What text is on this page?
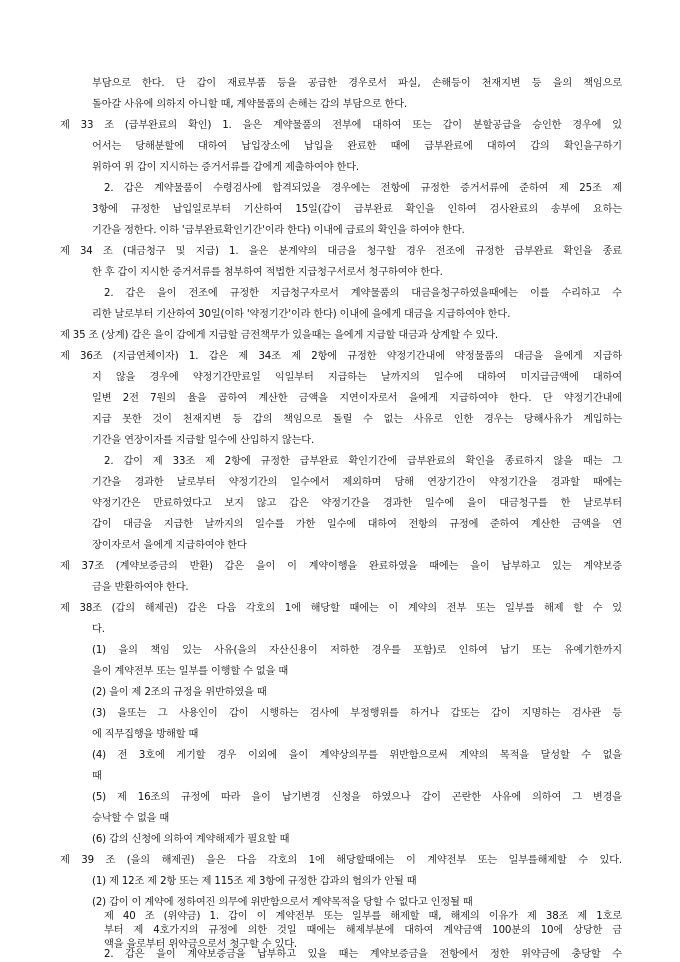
부담으로 한다. 단 갑이 재료부품 등을 공급한 경우로서 파실, 손해등이 천재지변 등 을의 책임으로
돌아갈 사유에 의하지 아니할 때, 계약물품의 손해는 갑의 부담으로 한다.
제 33 조 (급부완료의 확인) 1. 을은 계약물품의 전부에 대하여 또는 갑이 분할공급을 승인한 경우에 있
어서는 당해분할에 대하여 납입장소에 납입을 완료한 때에 급부완료에 대하여 갑의 확인을구하기
위하여 위 갑이 지시하는 증거서류를 갑에게 제출하여야 한다.
2. 갑은 계약물품이 수령검사에 합격되었을 경우에는 전항에 규정한 증거서류에 준하여 제 25조 제
3항에 규정한 납입일로부터 기산하여 15일(갑이 급부완료 확인을 인하여 검사완료의 송부에 요하는
기간을 정한다. 이하 '급부완료확인기간'이라 한다) 이내에 급료의 확인을 하여야 한다.
제 34 조 (대금청구 및 지급) 1. 을은 분계약의 대금을 청구할 경우 전조에 규정한 급부완료 확인을 종료
한 후 갑이 지시한 증거서류를 첨부하여 적법한 지급청구서로서 청구하여야 한다.
2. 갑은 을이 전조에 규정한 지급청구자로서 계약물품의 대금을청구하였을때에는 이를 수리하고 수
리한 날로부터 기산하여 30일(이하 '약정기간'이라 한다) 이내에 을에게 대금을 지급하여야 한다.
제 35 조 (상계) 갑은 을이 갑에게 지급할 금전책무가 있을때는 을에게 지급할 대금과 상계할 수 있다.
제 36조 (지급연체이자) 1. 갑은 제 34조 제 2항에 규정한 약정기간내에 약정물품의 대금을 을에게 지급하
지 않을 경우에 약정기간만료일 익일부터 지급하는 날까지의 일수에 대하여 미지급금액에 대하여
일변 2전 7원의 율을 곱하여 계산한 금액을 지연이자로서 을에게 지급하여야 한다. 단 약정기간내에
지급 못한 것이 천재지변 등 갑의 책임으로 돌릴 수 없는 사유로 인한 경우는 당해사유가 계입하는
기간을 연장이자를 지급할 일수에 산입하지 않는다.
2. 갑이 제 33조 제 2항에 규정한 급부완료 확인기간에 급부완료의 확인을 종료하지 않을 때는 그
기간을 경과한 날로부터 약정기간의 일수에서 제외하며 당해 연장기간이 약정기간을 경과할 때에는
약정기간은 만료하였다고 보지 않고 갑은 약정기간을 경과한 일수에 을이 대금청구를 한 날로부터
갑이 대금을 지급한 날까지의 일수를 가한 일수에 대하여 전항의 규정에 준하여 계산한 금액을 연
장이자로서 을에게 지급하여야 한다
제 37조 (계약보증금의 반환) 갑은 을이 이 계약이행을 완료하였을 때에는 을이 납부하고 있는 계약보증
금을 반환하여야 한다.
제 38조 (갑의 해제권) 갑은 다음 각호의 1에 해당할 때에는 이 계약의 전부 또는 일부를 해제 할 수 있
다.
(1) 을의 책임 있는 사유(을의 자산신용이 저하한 경우를 포함)로 인하여 납기 또는 유예기한까지
을이 계약전부 또는 일부를 이행할 수 없을 때
(2) 을이 제 2조의 규정을 위반하였을 때
(3) 을또는 그 사용인이 갑이 시행하는 검사에 부정행위를 하거나 갑또는 갑이 지명하는 검사관 등
에 직무집행을 방해할 때
(4) 전 3호에 게기할 경우 이외에 을이 계약상의무를 위반함으로써 계약의 목적을 달성할 수 없을
때
(5) 제 16조의 규정에 따라 을이 납기변경 신청을 하였으나 갑이 곤란한 사유에 의하여 그 변경을
승낙할 수 없을 때
(6) 갑의 신청에 의하여 계약해제가 필요할 때
제 39 조 (을의 해제권) 을은 다음 각호의 1에 해당할때에는 이 계약전부 또는 일부를해제할 수 있다.
(1) 제 12조 제 2항 또는 제 115조 제 3항에 규정한 갑과의 협의가 안될 때
(2) 갑이 이 계약에 정하여진 의무에 위반함으로서 계약목적을 당할 수 없다고 인정될 때
제 40 조 (위약금) 1. 갑이 이 계약전부 또는 일부를 해제할 때, 해제의 이유가 제 38조 제 1호로
부터 제 4호가지의 규정에 의한 것일 때에는 해제부분에 대하여 계약금액 100분의 10에 상당한 금
액을 을로부터 위약금으로서 청구할 수 있다.
2. 갑은 을이 계약보증금을 납부하고 있을 때는 계약보증금을 전항에서 정한 위약금에 충당할 수
